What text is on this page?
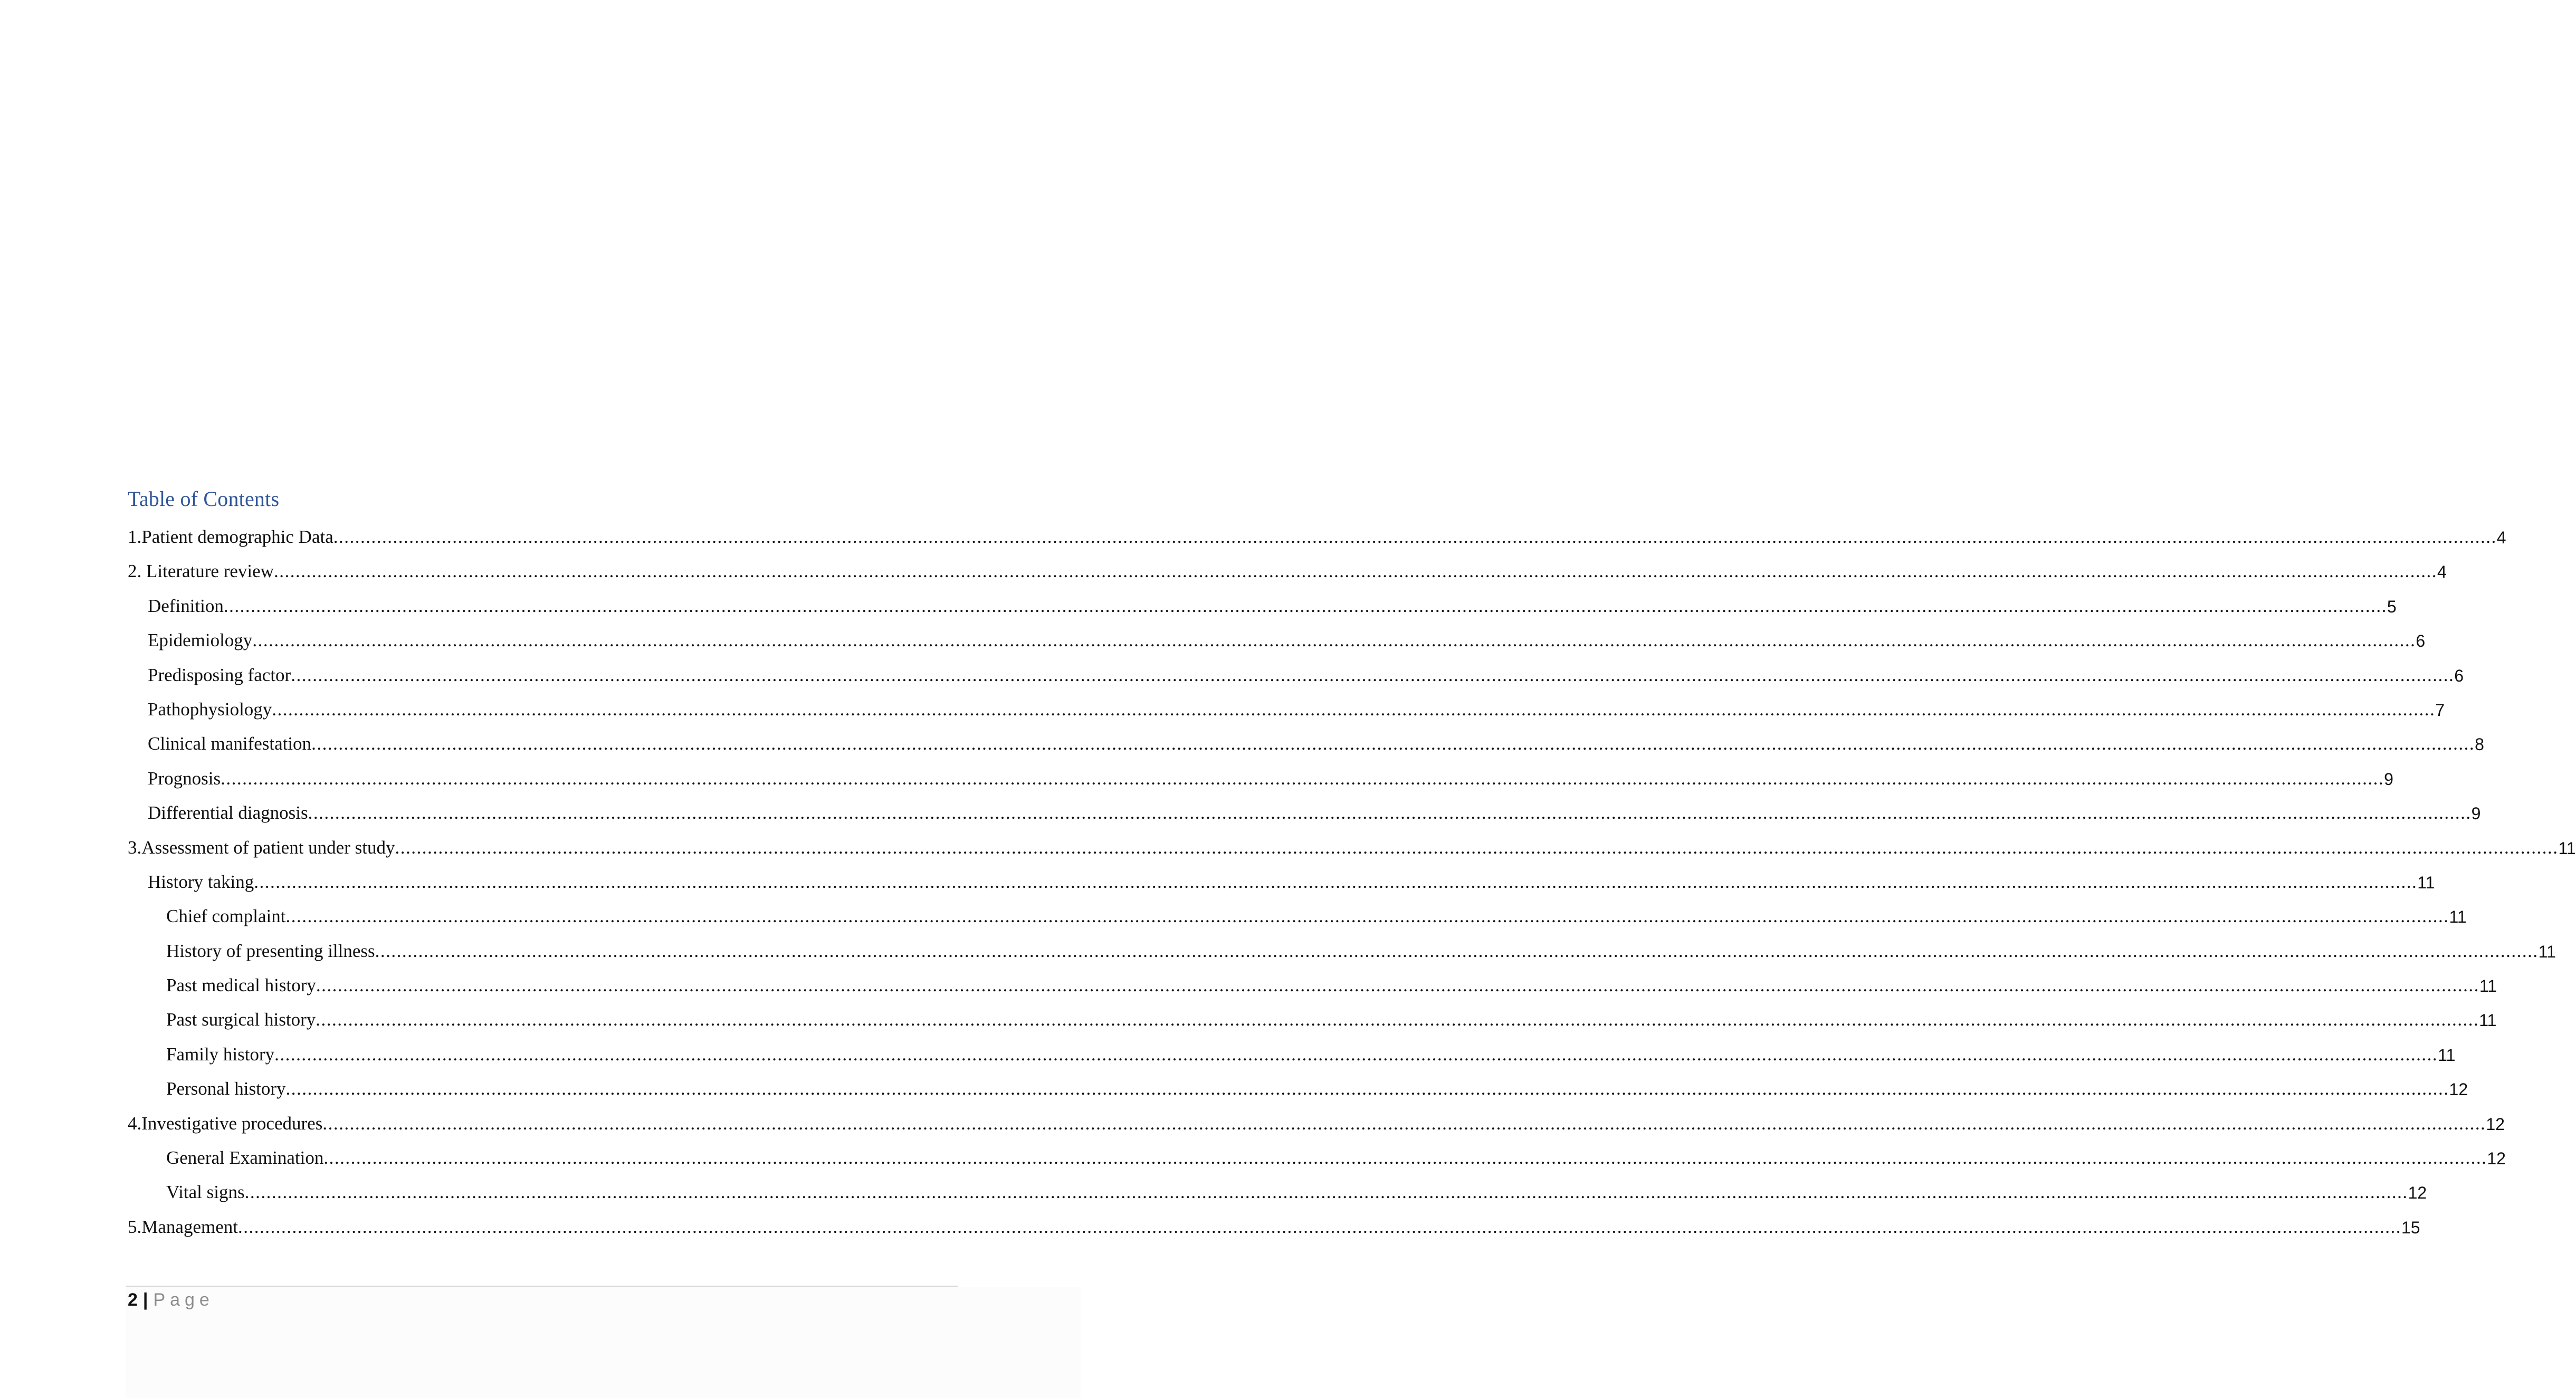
Table of Contents
1.Patient demographic Data ................................................................................................................................................................................................................................................................................................................................................................................................................ 4
2. Literature review ................................................................................................................................................................................................................................................................................................................................................................................................................ 4
Definition ................................................................................................................................................................................................................................................................................................................................................................................................................ 5
Epidemiology ................................................................................................................................................................................................................................................................................................................................................................................................................ 6
Predisposing factor ................................................................................................................................................................................................................................................................................................................................................................................................................ 6
Pathophysiology ................................................................................................................................................................................................................................................................................................................................................................................................................ 7
Clinical manifestation ................................................................................................................................................................................................................................................................................................................................................................................................................ 8
Prognosis ................................................................................................................................................................................................................................................................................................................................................................................................................ 9
Differential diagnosis ................................................................................................................................................................................................................................................................................................................................................................................................................ 9
3.Assessment of patient under study ................................................................................................................................................................................................................................................................................................................................................................................................................ 11
History taking ................................................................................................................................................................................................................................................................................................................................................................................................................ 11
Chief complaint ................................................................................................................................................................................................................................................................................................................................................................................................................ 11
History of presenting illness ................................................................................................................................................................................................................................................................................................................................................................................................................ 11
Past medical history ................................................................................................................................................................................................................................................................................................................................................................................................................ 11
Past surgical history ................................................................................................................................................................................................................................................................................................................................................................................................................ 11
Family history ................................................................................................................................................................................................................................................................................................................................................................................................................ 11
Personal history ................................................................................................................................................................................................................................................................................................................................................................................................................ 12
4.Investigative procedures ................................................................................................................................................................................................................................................................................................................................................................................................................ 12
General Examination ................................................................................................................................................................................................................................................................................................................................................................................................................ 12
Vital signs ................................................................................................................................................................................................................................................................................................................................................................................................................ 12
5.Management ................................................................................................................................................................................................................................................................................................................................................................................................................ 15
2 | Page
